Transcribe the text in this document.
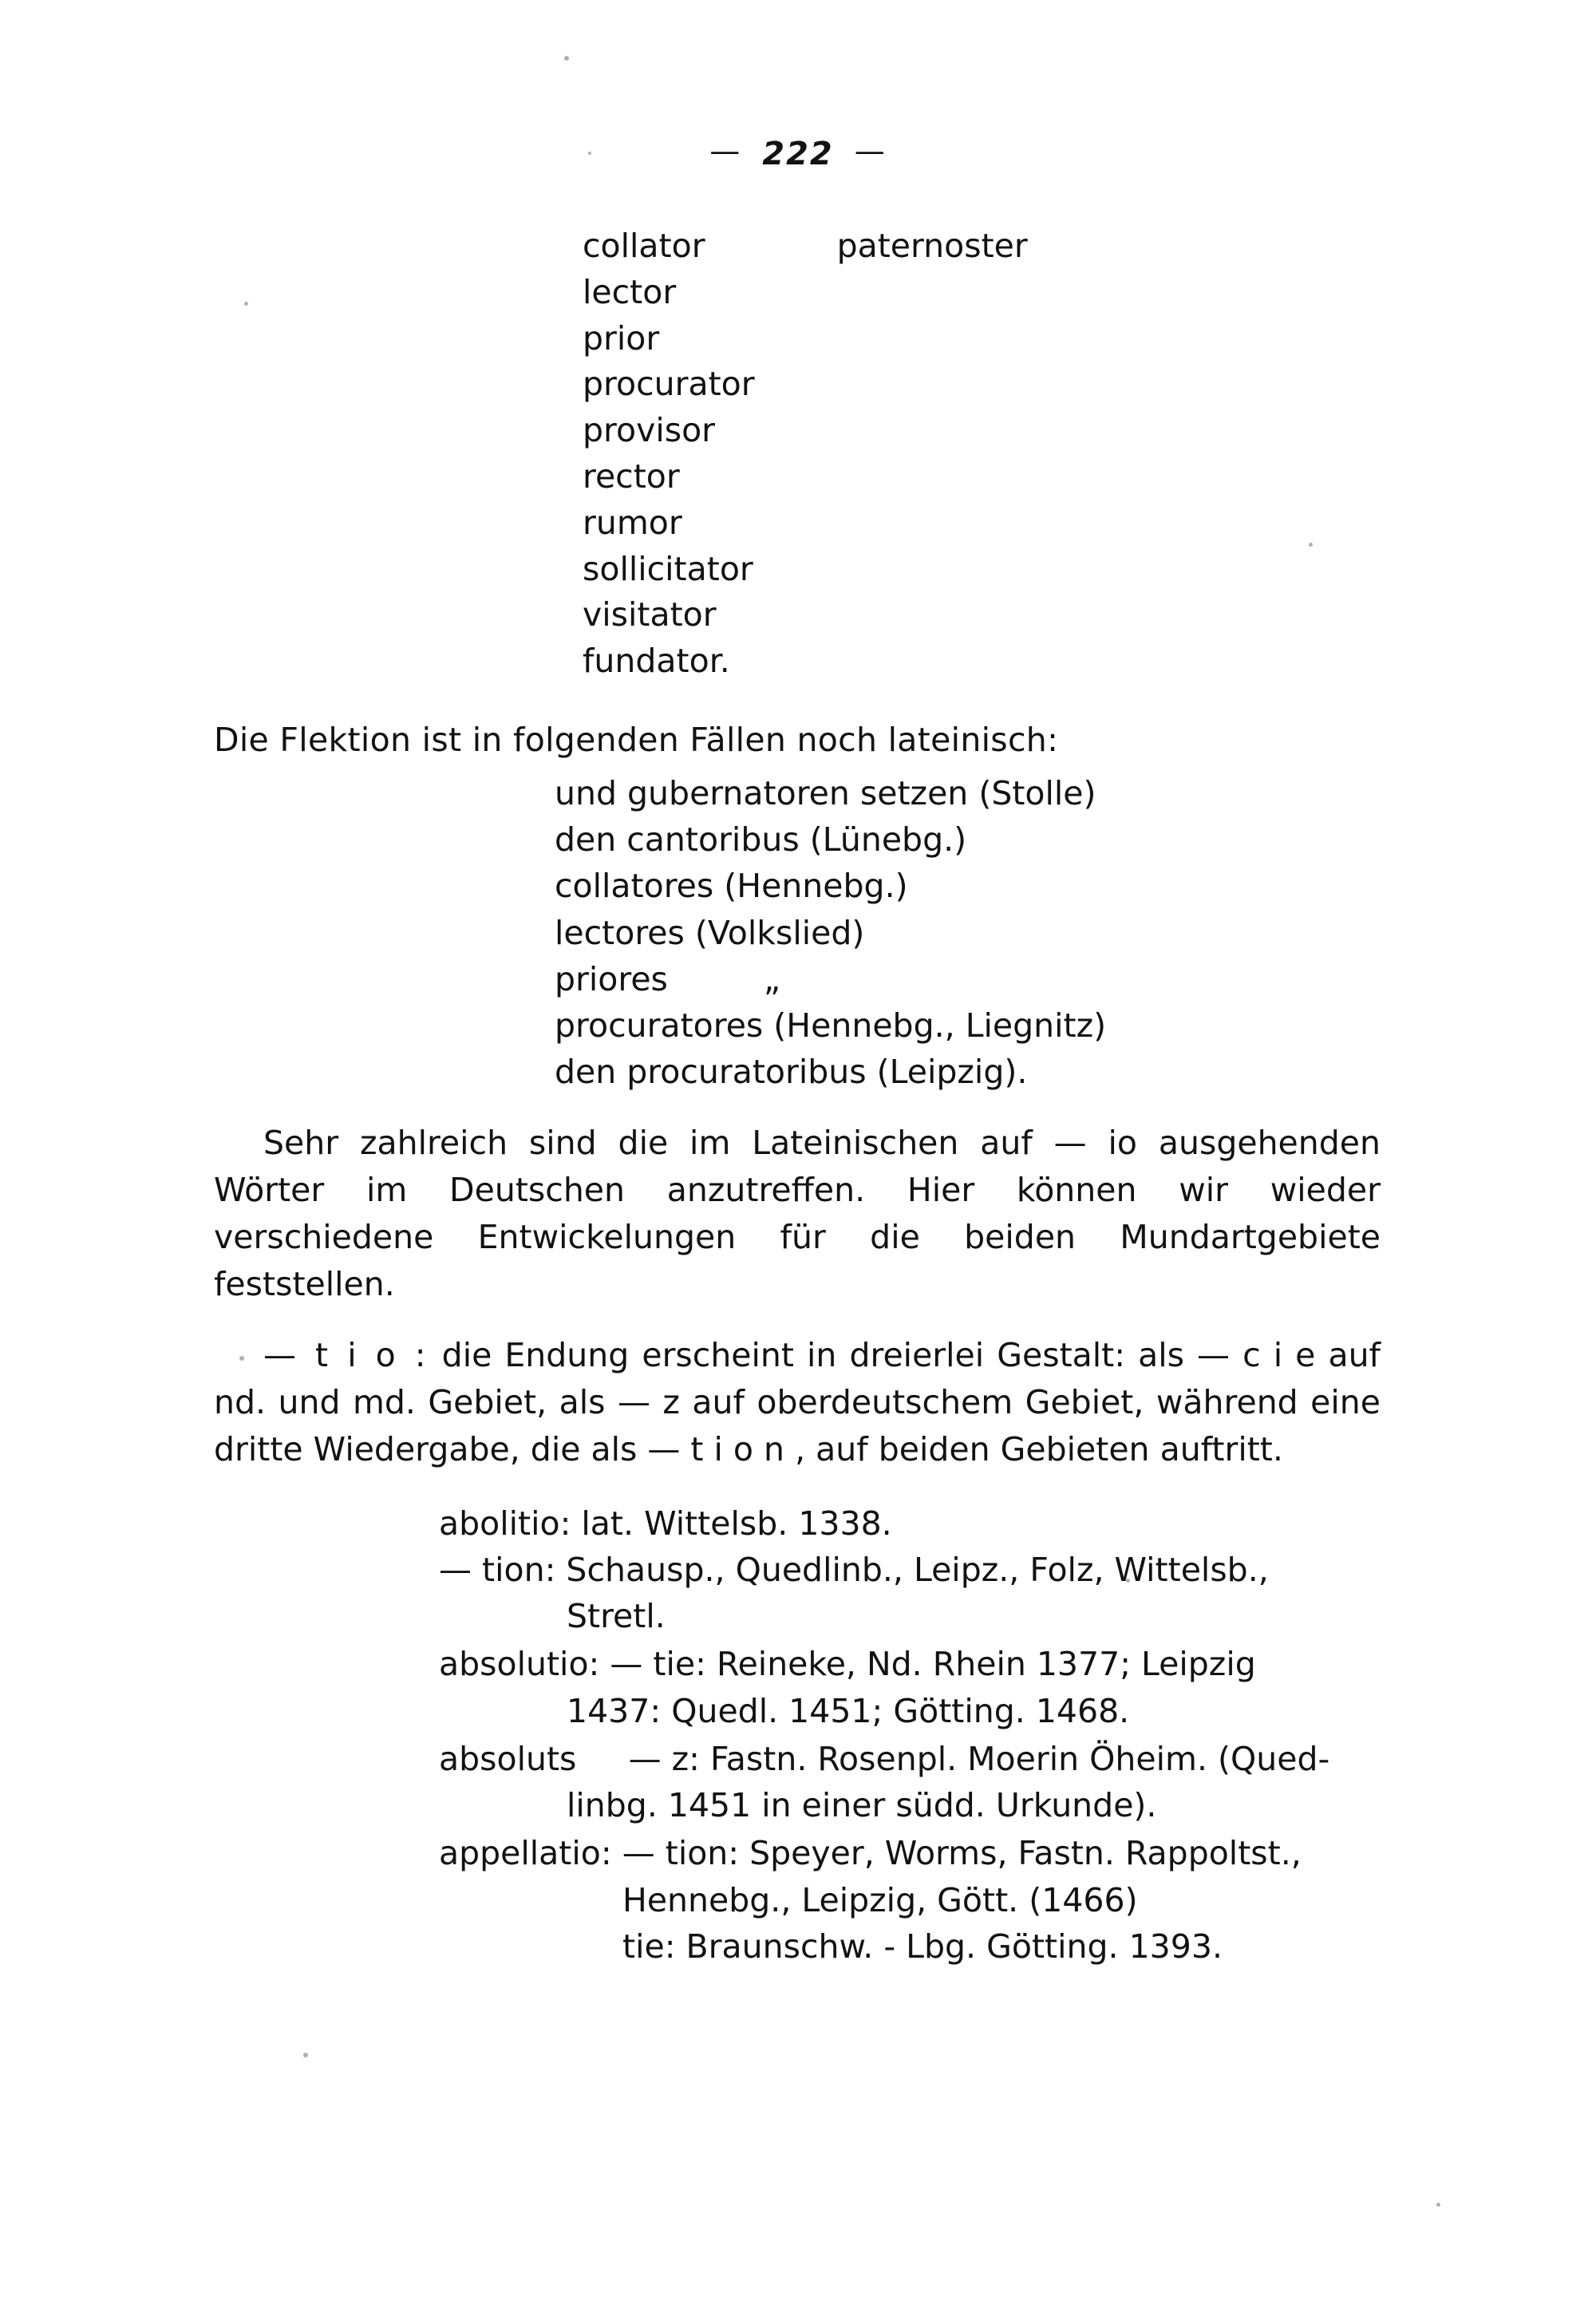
— 222 —
collator	paternoster
lector
prior
procurator
provisor
rector
rumor
sollicitator
visitator
fundator.

Die Flektion ist in folgenden Fällen noch lateinisch:

und gubernatoren setzen (Stolle)
den cantoribus (Lünebg.)
collatores (Hennebg.)
lectores (Volkslied)
priores	„
procuratores (Hennebg., Liegnitz)
den procuratoribus (Leipzig).

Sehr zahlreich sind die im Lateinischen auf — io ausgehenden Wörter im Deutschen anzutreffen. Hier können wir wieder verschiedene Entwickelungen für die beiden Mundartgebiete feststellen.

— t i o : die Endung erscheint in dreierlei Gestalt: als — c i e auf nd. und md. Gebiet, als — z auf oberdeutschem Gebiet, während eine dritte Wiedergabe, die als — t i o n , auf beiden Gebieten auftritt.

abolitio: lat. Wittelsb. 1338.
— tion: Schausp., Quedlinb., Leipz., Folz, Wittelsb.,
Stretl.
absolutio: — tie: Reineke, Nd. Rhein 1377; Leipzig
1437: Quedl. 1451; Götting. 1468.
absoluts     — z: Fastn. Rosenpl. Moerin Öheim. (Qued-
linbg. 1451 in einer südd. Urkunde).
appellatio: — tion: Speyer, Worms, Fastn. Rappoltst.,
Hennebg., Leipzig, Gött. (1466)
tie: Braunschw. - Lbg. Götting. 1393.
